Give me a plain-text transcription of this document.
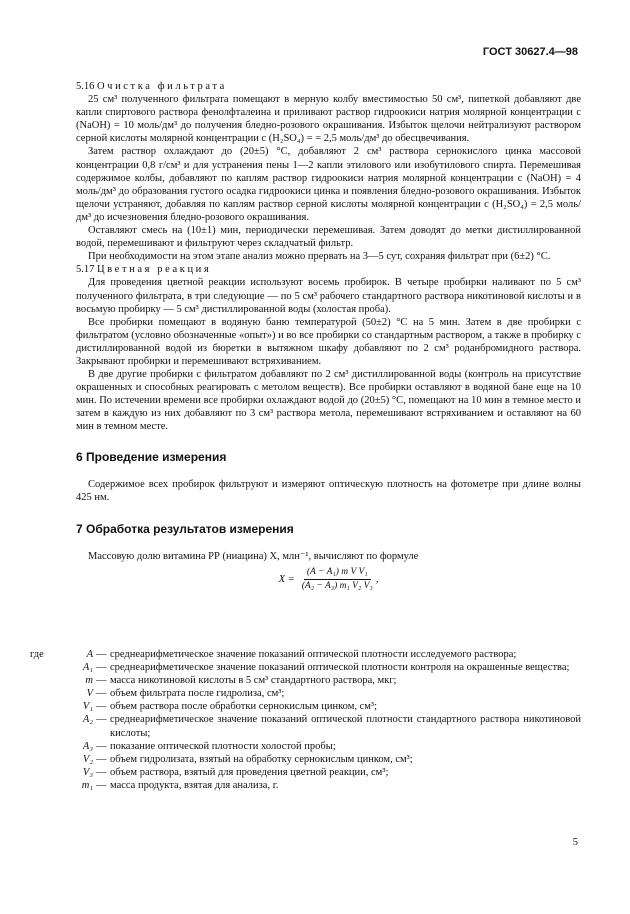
ГОСТ 30627.4—98

5.16 Очистка фильтрата

25 см³ полученного фильтрата помещают в мерную колбу вместимостью 50 см³, пипеткой добавляют две капли спиртового раствора фенолфталеина и приливают раствор гидроокиси натрия молярной концентрации с (NaOH) = 10 моль/дм³ до получения бледно-розового окрашивания. Избыток щелочи нейтрализуют раствором серной кислоты молярной концентрации с (H₂SO₄) = = 2,5 моль/дм³ до обесцвечивания.

Затем раствор охлаждают до (20±5) °С, добавляют 2 см³ раствора сернокислого цинка массовой концентрации 0,8 г/см³ и для устранения пены 1—2 капли этилового или изобутилового спирта. Перемешивая содержимое колбы, добавляют по каплям раствор гидроокиси натрия молярной концентрации с (NaOH) = 4 моль/дм³ до образования густого осадка гидроокиси цинка и появления бледно-розового окрашивания. Избыток щелочи устраняют, добавляя по каплям раствор серной кислоты молярной концентрации с (H₂SO₄) = 2,5 моль/дм³ до исчезновения бледно-розового окрашивания.

Оставляют смесь на (10±1) мин, периодически перемешивая. Затем доводят до метки дистиллированной водой, перемешивают и фильтруют через складчатый фильтр.

При необходимости на этом этапе анализ можно прервать на 3—5 сут, сохраняя фильтрат при (6±2) °С.

5.17 Цветная реакция

Для проведения цветной реакции используют восемь пробирок. В четыре пробирки наливают по 5 см³ полученного фильтрата, в три следующие — по 5 см³ рабочего стандартного раствора никотиновой кислоты и в восьмую пробирку — 5 см³ дистиллированной воды (холостая проба).

Все пробирки помещают в водяную баню температурой (50±2) °С на 5 мин. Затем в две пробирки с фильтратом (условно обозначенные «опыт») и во все пробирки со стандартным раствором, а также в пробирку с дистиллированной водой из бюретки в вытяжном шкафу добавляют по 2 см³ роданбромидного раствора. Закрывают пробирки и перемешивают встряхиванием.

В две другие пробирки с фильтратом добавляют по 2 см³ дистиллированной воды (контроль на присутствие окрашенных и способных реагировать с метолом веществ). Все пробирки оставляют в водяной бане еще на 10 мин. По истечении времени все пробирки охлаждают водой до (20±5) °С, помещают на 10 мин в темное место и затем в каждую из них добавляют по 3 см³ раствора метола, перемешивают встряхиванием и оставляют на 60 мин в темном месте.

6 Проведение измерения

Содержимое всех пробирок фильтруют и измеряют оптическую плотность на фотометре при длине волны 425 нм.

7 Обработка результатов измерения

Массовую долю витамина РР (ниацина) X, млн⁻¹, вычисляют по формуле

$X = \frac{\text{(A − A₁) m V V₁}}{\text{(A₂ − A₃) m₁ V₂ V₃}}$ ,
где	A — среднеарифметическое значение показаний оптической плотности исследуемого раствора;
A₁ — среднеарифметическое значение показаний оптической плотности контроля на окрашенные вещества;
m — масса никотиновой кислоты в 5 см³ стандартного раствора, мкг;
V — объем фильтрата после гидролиза, см³;
V₁ — объем раствора после обработки сернокислым цинком, см³;
A₂ — среднеарифметическое значение показаний оптической плотности стандартного раствора никотиновой кислоты;
A₃ — показание оптической плотности холостой пробы;
V₂ — объем гидролизата, взятый на обработку сернокислым цинком, см³;
V₃ — объем раствора, взятый для проведения цветной реакции, см³;
m₁ — масса продукта, взятая для анализа, г.
5
